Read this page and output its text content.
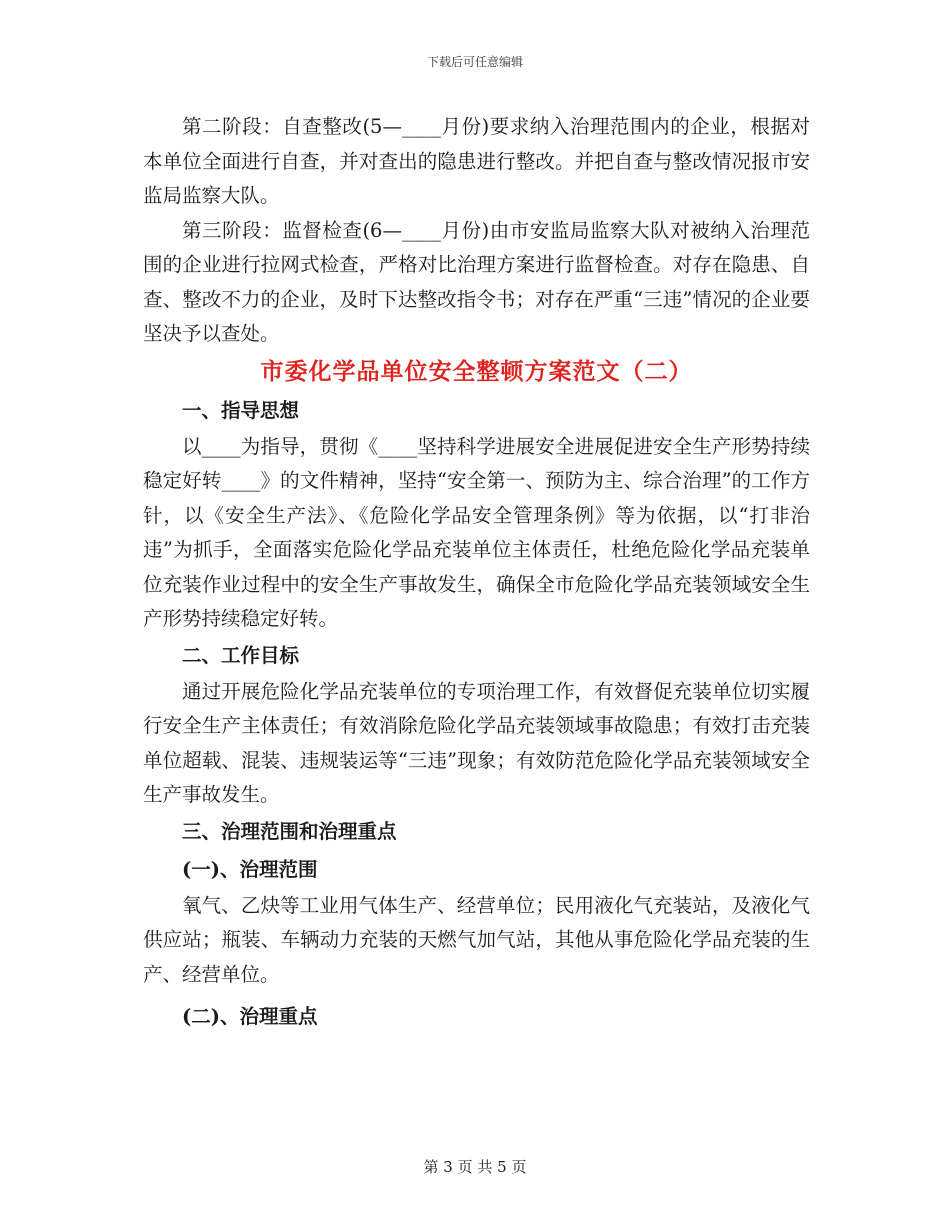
下载后可任意编辑

第二阶段：自查整改(5—____月份)要求纳入治理范围内的企业，根据对本单位全面进行自查，并对查出的隐患进行整改。并把自查与整改情况报市安监局监察大队。

第三阶段：监督检查(6—____月份)由市安监局监察大队对被纳入治理范围的企业进行拉网式检查，严格对比治理方案进行监督检查。对存在隐患、自查、整改不力的企业，及时下达整改指令书；对存在严重“三违”情况的企业要坚决予以查处。

市委化学品单位安全整顿方案范文（二）
一、指导思想

以____为指导，贯彻《____坚持科学进展安全进展促进安全生产形势持续稳定好转____》的文件精神，坚持“安全第一、预防为主、综合治理”的工作方针，以《安全生产法》、《危险化学品安全管理条例》等为依据，以“打非治违”为抓手，全面落实危险化学品充装单位主体责任，杜绝危险化学品充装单位充装作业过程中的安全生产事故发生，确保全市危险化学品充装领域安全生产形势持续稳定好转。

二、工作目标

通过开展危险化学品充装单位的专项治理工作，有效督促充装单位切实履行安全生产主体责任；有效消除危险化学品充装领域事故隐患；有效打击充装单位超载、混装、违规装运等“三违”现象；有效防范危险化学品充装领域安全生产事故发生。

三、治理范围和治理重点
(一)、治理范围

氧气、乙炔等工业用气体生产、经营单位；民用液化气充装站，及液化气供应站；瓶装、车辆动力充装的天燃气加气站，其他从事危险化学品充装的生产、经营单位。

(二)、治理重点
第 3 页 共 5 页
